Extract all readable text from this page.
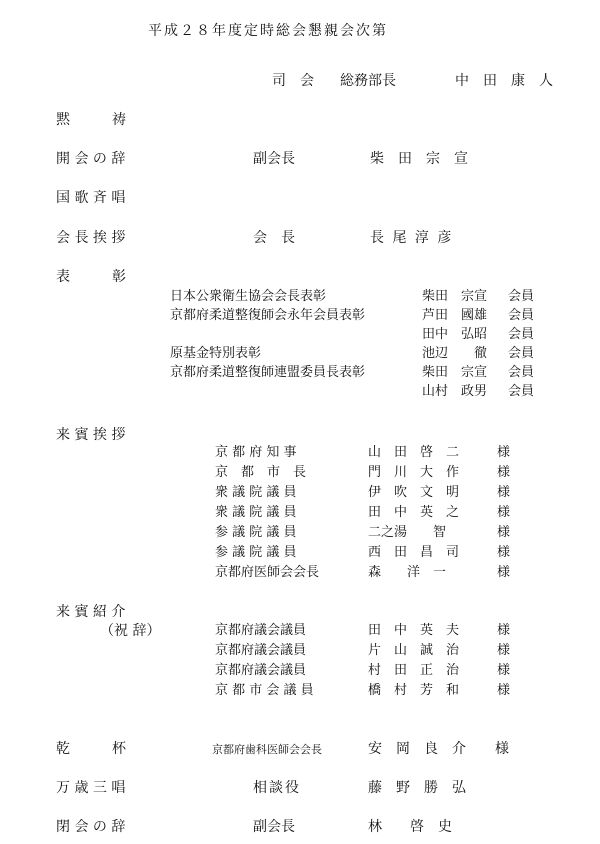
平成２８年度定時総会懇親会次第
司　会 総務部長	中　田　康　人
黙　　　祷
開 会 の 辞	副会長	柴　田　宗　宣
国 歌 斉 唱
会 長 挨 拶	会　長	長 尾 淳 彦
表　　　彰
日本公衆衛生協会会長表彰	柴田　宗宣 会員
京都府柔道整復師会永年会員表彰	芦田　國雄 会員
田中　弘昭 会員
原基金特別表彰	池辺　　徹 会員
京都府柔道整復師連盟委員長表彰	柴田　宗宣 会員
山村　政男 会員
来 賓 挨 拶
京 都 府 知 事	山　田　啓　二	様
京　都　市　長	門　川　大　作	様
衆 議 院 議 員	伊　吹　文　明	様
衆 議 院 議 員	田　中　英　之	様
参 議 院 議 員	二之湯　　智	様
参 議 院 議 員	西　田　昌　司	様
京都府医師会会長	森　　洋　一	様
来 賓 紹 介
（祝 辞）	京都府議会議員	田　中　英　夫	様
京都府議会議員	片　山　誠　治	様
京都府議会議員	村　田　正　治	様
京 都 市 会 議 員	橋　村　芳　和	様
乾　　　杯	京都府歯科医師会会長	安　岡　良　介 様
万 歳 三 唱	相談役	藤　野　勝　弘
閉 会 の 辞	副会長	林　　啓　史
